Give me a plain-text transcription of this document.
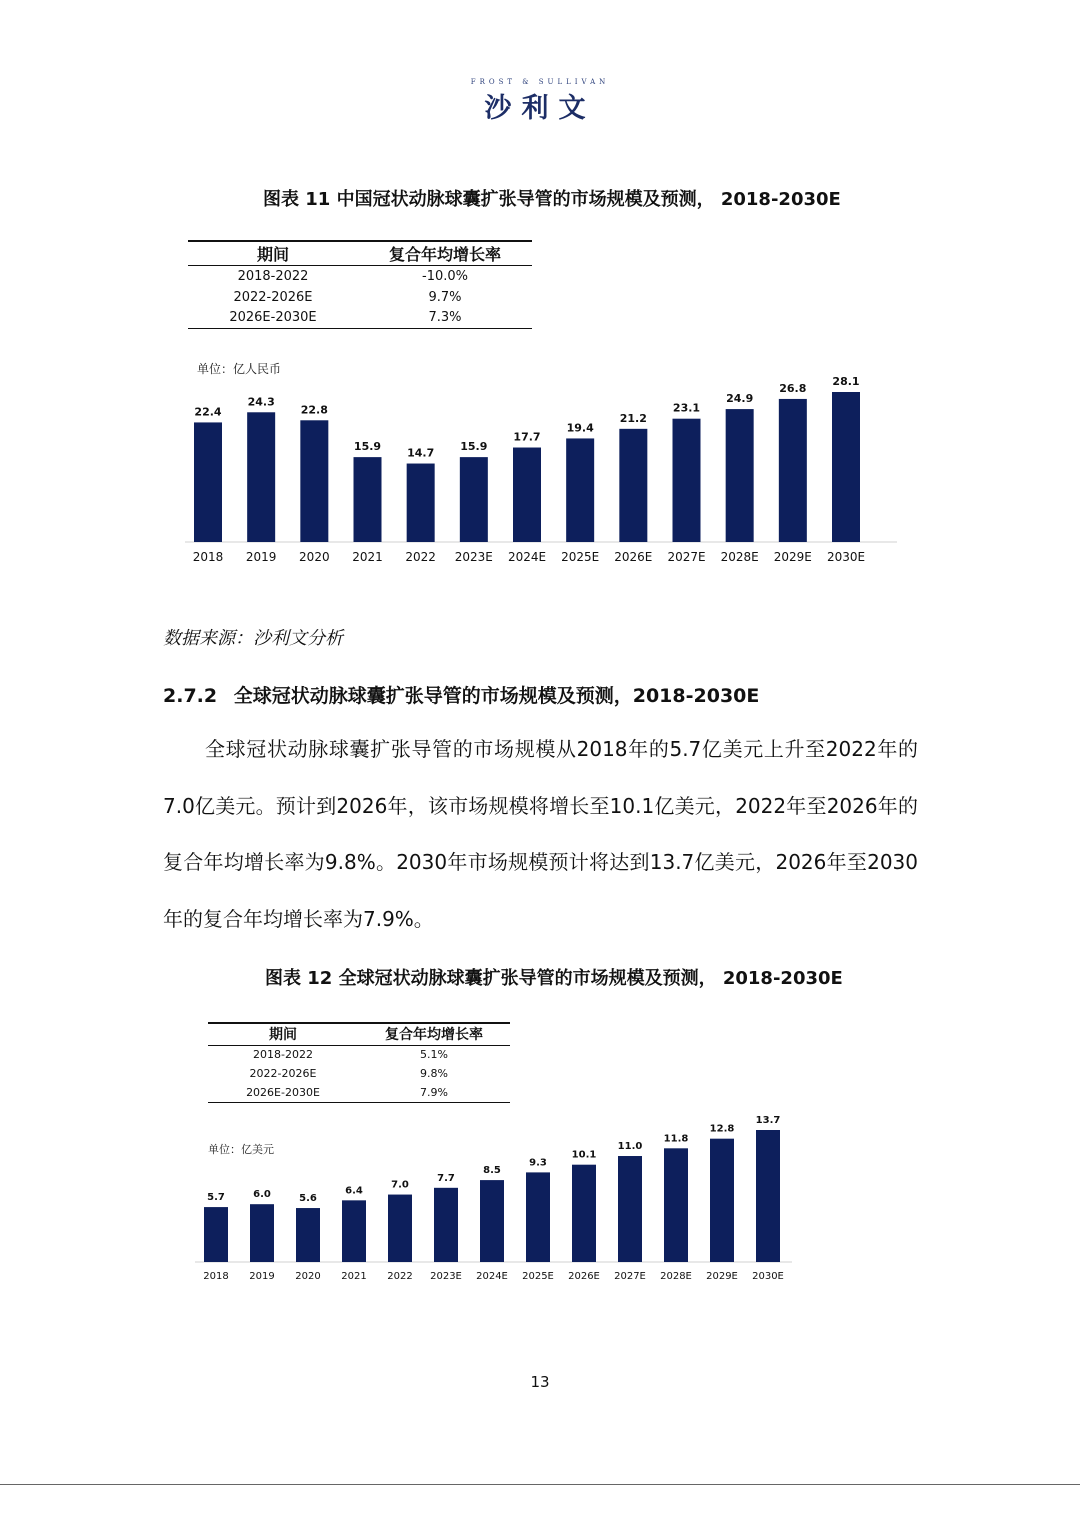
FROST & SULLIVAN
沙利文
图表 11 中国冠状动脉球囊扩张导管的市场规模及预测， 2018-2030E
期间	复合年均增长率
2018-2022	-10.0%
2022-2026E	9.7%
2026E-2030E	7.3%
单位：亿人民币
22.4
2018
24.3
2019
22.8
2020
15.9
2021
14.7
2022
15.9
2023E
17.7
2024E
19.4
2025E
21.2
2026E
23.1
2027E
24.9
2028E
26.8
2029E
28.1
2030E
数据来源：沙利文分析
2.7.2 全球冠状动脉球囊扩张导管的市场规模及预测，2018-2030E
全球冠状动脉球囊扩张导管的市场规模从2018年的5.7亿美元上升至2022年的7.0亿美元。预计到2026年，该市场规模将增长至10.1亿美元，2022年至2026年的复合年均增长率为9.8%。2030年市场规模预计将达到13.7亿美元，2026年至2030年的复合年均增长率为7.9%。
图表 12 全球冠状动脉球囊扩张导管的市场规模及预测， 2018-2030E
期间	复合年均增长率
2018-2022	5.1%
2022-2026E	9.8%
2026E-2030E	7.9%
单位：亿美元
5.7
2018
6.0
2019
5.6
2020
6.4
2021
7.0
2022
7.7
2023E
8.5
2024E
9.3
2025E
10.1
2026E
11.0
2027E
11.8
2028E
12.8
2029E
13.7
2030E
13
